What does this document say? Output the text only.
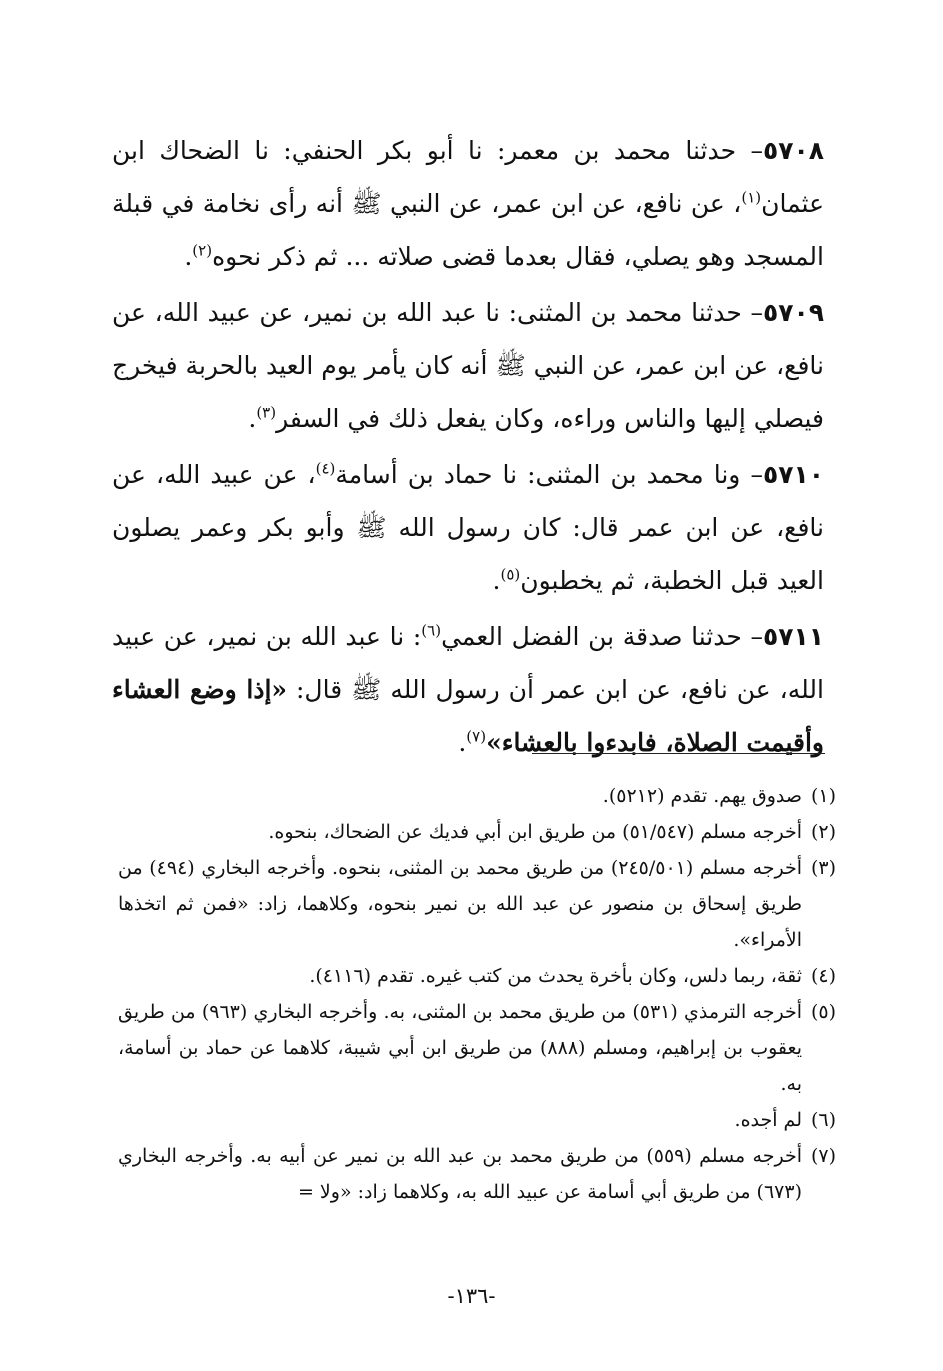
٥٧٠٨– حدثنا محمد بن معمر: نا أبو بكر الحنفي: نا الضحاك ابن عثمان$^{(١)}$، عن نافع، عن ابن عمر، عن النبي ﷺ أنه رأى نخامة في قبلة المسجد وهو يصلي، فقال بعدما قضى صلاته ... ثم ذكر نحوه$^{(٢)}$.

٥٧٠٩– حدثنا محمد بن المثنى: نا عبد الله بن نمير، عن عبيد الله، عن نافع، عن ابن عمر، عن النبي ﷺ أنه كان يأمر يوم العيد بالحربة فيخرج فيصلي إليها والناس وراءه، وكان يفعل ذلك في السفر$^{(٣)}$.

٥٧١٠– ونا محمد بن المثنى: نا حماد بن أسامة$^{(٤)}$، عن عبيد الله، عن نافع، عن ابن عمر قال: كان رسول الله ﷺ وأبو بكر وعمر يصلون العيد قبل الخطبة، ثم يخطبون$^{(٥)}$.

٥٧١١– حدثنا صدقة بن الفضل العمي$^{(٦)}$: نا عبد الله بن نمير، عن عبيد الله، عن نافع، عن ابن عمر أن رسول الله ﷺ قال: «إذا وضع العشاء وأقيمت الصلاة، فابدءوا بالعشاء»$^{(٧)}$.

(١)
صدوق يهم. تقدم (٥٢١٢).
(٢)
أخرجه مسلم (٥١/٥٤٧) من طريق ابن أبي فديك عن الضحاك، بنحوه.
(٣)
أخرجه مسلم (٢٤٥/٥٠١) من طريق محمد بن المثنى، بنحوه. وأخرجه البخاري (٤٩٤) من طريق إسحاق بن منصور عن عبد الله بن نمير بنحوه، وكلاهما، زاد: «فمن ثم اتخذها الأمراء».
(٤)
ثقة، ربما دلس، وكان بأخرة يحدث من كتب غيره. تقدم (٤١١٦).
(٥)
أخرجه الترمذي (٥٣١) من طريق محمد بن المثنى، به. وأخرجه البخاري (٩٦٣) من طريق يعقوب بن إبراهيم، ومسلم (٨٨٨) من طريق ابن أبي شيبة، كلاهما عن حماد بن أسامة، به.
(٦)
لم أجده.
(٧)
أخرجه مسلم (٥٥٩) من طريق محمد بن عبد الله بن نمير عن أبيه به. وأخرجه البخاري (٦٧٣) من طريق أبي أسامة عن عبيد الله به، وكلاهما زاد: «ولا =
-١٣٦-
